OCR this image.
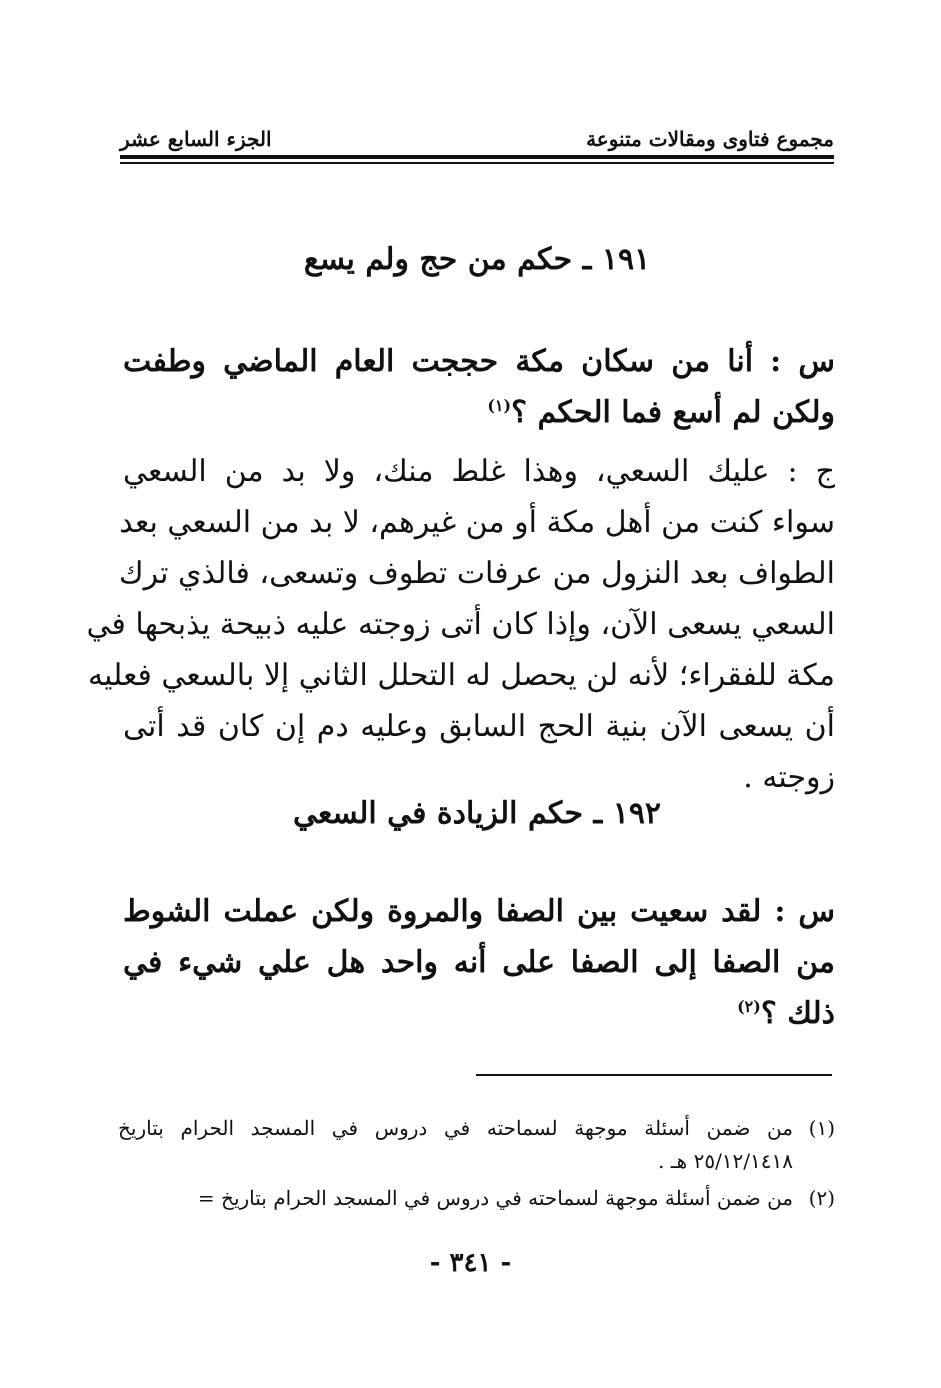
مجموع فتاوى ومقالات متنوعة
الجزء السابع عشر
١٩١ ـ حكم من حج ولم يسع
س : أنا من سكان مكة حججت العام الماضي وطفت
ولكن لم أسع فما الحكم ؟$^{(١)}$
ج : عليك السعي، وهذا غلط منك، ولا بد من السعي
سواء كنت من أهل مكة أو من غيرهم، لا بد من السعي بعد
الطواف بعد النزول من عرفات تطوف وتسعى، فالذي ترك
السعي يسعى الآن، وإذا كان أتى زوجته عليه ذبيحة يذبحها في
مكة للفقراء؛ لأنه لن يحصل له التحلل الثاني إلا بالسعي فعليه
أن يسعى الآن بنية الحج السابق وعليه دم إن كان قد أتى
زوجته .
١٩٢ ـ حكم الزيادة في السعي
س : لقد سعيت بين الصفا والمروة ولكن عملت الشوط
من الصفا إلى الصفا على أنه واحد هل علي شيء في
ذلك ؟$^{(٢)}$
(١)
من ضمن أسئلة موجهة لسماحته في دروس في المسجد الحرام بتاريخ ٢٥/١٢/١٤١٨ هـ .
(٢)
من ضمن أسئلة موجهة لسماحته في دروس في المسجد الحرام بتاريخ =
- ٣٤١ -
